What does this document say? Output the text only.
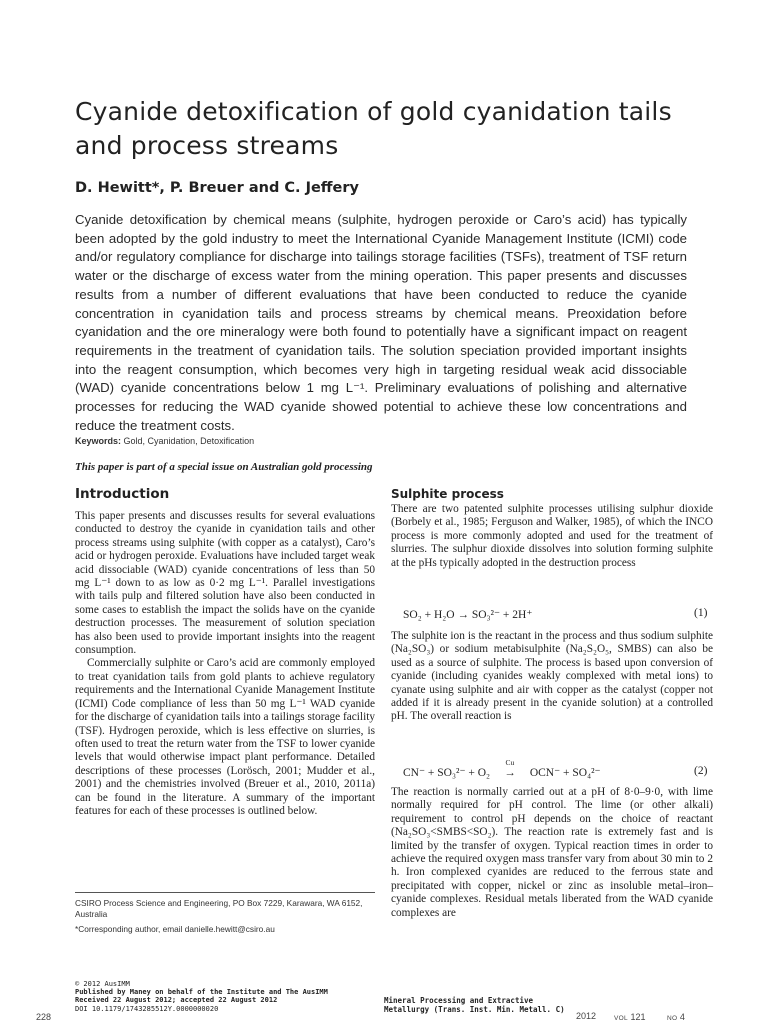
Cyanide detoxification of gold cyanidation tails and process streams
D. Hewitt*, P. Breuer and C. Jeffery
Cyanide detoxification by chemical means (sulphite, hydrogen peroxide or Caro’s acid) has typically been adopted by the gold industry to meet the International Cyanide Management Institute (ICMI) code and/or regulatory compliance for discharge into tailings storage facilities (TSFs), treatment of TSF return water or the discharge of excess water from the mining operation. This paper presents and discusses results from a number of different evaluations that have been conducted to reduce the cyanide concentration in cyanidation tails and process streams by chemical means. Preoxidation before cyanidation and the ore mineralogy were both found to potentially have a significant impact on reagent requirements in the treatment of cyanidation tails. The solution speciation provided important insights into the reagent consumption, which becomes very high in targeting residual weak acid dissociable (WAD) cyanide concentrations below 1 mg L⁻¹. Preliminary evaluations of polishing and alternative processes for reducing the WAD cyanide showed potential to achieve these low concentrations and reduce the treatment costs.
Keywords: Gold, Cyanidation, Detoxification
This paper is part of a special issue on Australian gold processing
Introduction

This paper presents and discusses results for several evaluations conducted to destroy the cyanide in cyanidation tails and other process streams using sulphite (with copper as a catalyst), Caro’s acid or hydrogen peroxide. Evaluations have included target weak acid dissociable (WAD) cyanide concentrations of less than 50 mg L⁻¹ down to as low as 0·2 mg L⁻¹. Parallel investigations with tails pulp and filtered solution have also been conducted in some cases to establish the impact the solids have on the cyanide destruction processes. The measurement of solution speciation has also been used to provide important insights into the reagent consumption.

Commercially sulphite or Caro’s acid are commonly employed to treat cyanidation tails from gold plants to achieve regulatory requirements and the International Cyanide Management Institute (ICMI) Code compliance of less than 50 mg L⁻¹ WAD cyanide for the discharge of cyanidation tails into a tailings storage facility (TSF). Hydrogen peroxide, which is less effective on slurries, is often used to treat the return water from the TSF to lower cyanide levels that would otherwise impact plant performance. Detailed descriptions of these processes (Lorösch, 2001; Mudder et al., 2001) and the chemistries involved (Breuer et al., 2010, 2011a) can be found in the literature. A summary of the important features for each of these processes is outlined below.

Sulphite process

There are two patented sulphite processes utilising sulphur dioxide (Borbely et al., 1985; Ferguson and Walker, 1985), of which the INCO process is more commonly adopted and used for the treatment of slurries. The sulphur dioxide dissolves into solution forming sulphite at the pHs typically adopted in the destruction process

SO₂ + H₂O → SO₃²⁻ + 2H⁺	(1)

The sulphite ion is the reactant in the process and thus sodium sulphite (Na₂SO₃) or sodium metabisulphite (Na₂S₂O₅, SMBS) can also be used as a source of sulphite. The process is based upon conversion of cyanide (including cyanides weakly complexed with metal ions) to cyanate using sulphite and air with copper as the catalyst (copper not added if it is already present in the cyanide solution) at a controlled pH. The overall reaction is

CN⁻ + SO₃²⁻ + O₂
Cu
→ OCN⁻ + SO₄²⁻	(2)

The reaction is normally carried out at a pH of 8·0–9·0, with lime normally required for pH control. The lime (or other alkali) requirement to control pH depends on the choice of reactant (Na₂SO₃<SMBS<SO₂). The reaction rate is extremely fast and is limited by the transfer of oxygen. Typical reaction times in order to achieve the required oxygen mass transfer vary from about 30 min to 2 h. Iron complexed cyanides are reduced to the ferrous state and precipitated with copper, nickel or zinc as insoluble metal–iron–cyanide complexes. Residual metals liberated from the WAD cyanide complexes are

CSIRO Process Science and Engineering, PO Box 7229, Karawara, WA 6152, Australia
*Corresponding author, email danielle.hewitt@csiro.au
© 2012 AusIMM
Published by Maney on behalf of the Institute and The AusIMM
Received 22 August 2012; accepted 22 August 2012
DOI 10.1179/1743285512Y.0000000020
228
Mineral Processing and Extractive
Metallurgy (Trans. Inst. Min. Metall. C)
2012	VOL 121	NO 4
